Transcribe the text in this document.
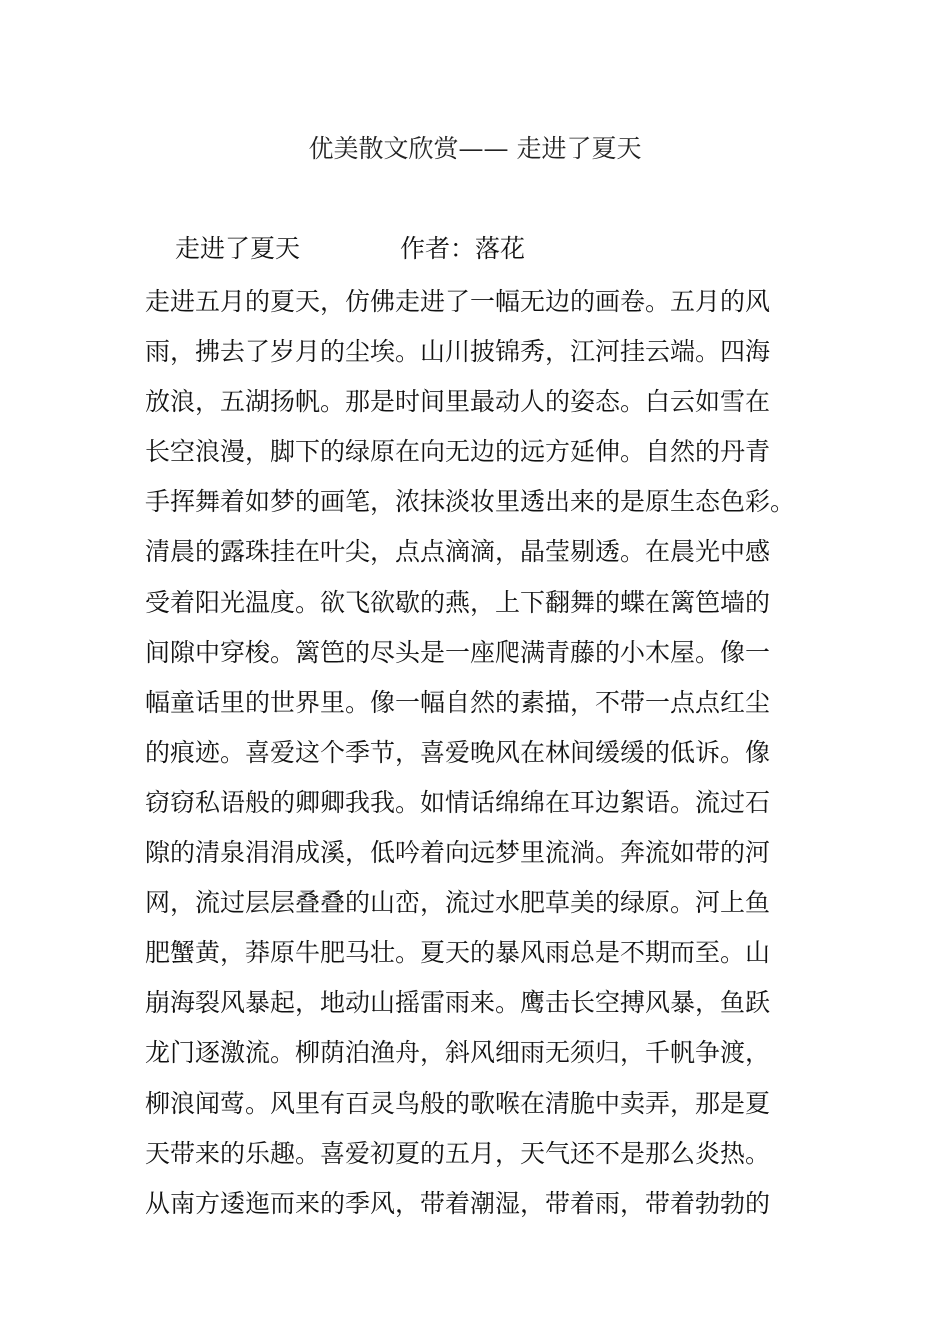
优美散文欣赏—— 走进了夏天
走进了夏天	作者：落花
走进五月的夏天，仿佛走进了一幅无边的画卷。五月的风
雨，拂去了岁月的尘埃。山川披锦秀，江河挂云端。四海
放浪，五湖扬帆。那是时间里最动人的姿态。白云如雪在
长空浪漫，脚下的绿原在向无边的远方延伸。自然的丹青
手挥舞着如梦的画笔，浓抹淡妆里透出来的是原生态色彩。
清晨的露珠挂在叶尖，点点滴滴，晶莹剔透。在晨光中感
受着阳光温度。欲飞欲歇的燕，上下翻舞的蝶在篱笆墙的
间隙中穿梭。篱笆的尽头是一座爬满青藤的小木屋。像一
幅童话里的世界里。像一幅自然的素描，不带一点点红尘
的痕迹。喜爱这个季节，喜爱晚风在林间缓缓的低诉。像
窃窃私语般的卿卿我我。如情话绵绵在耳边絮语。流过石
隙的清泉涓涓成溪，低吟着向远梦里流淌。奔流如带的河
网，流过层层叠叠的山峦，流过水肥草美的绿原。河上鱼
肥蟹黄，莽原牛肥马壮。夏天的暴风雨总是不期而至。山
崩海裂风暴起，地动山摇雷雨来。鹰击长空搏风暴，鱼跃
龙门逐激流。柳荫泊渔舟，斜风细雨无须归，千帆争渡，
柳浪闻莺。风里有百灵鸟般的歌喉在清脆中卖弄，那是夏
天带来的乐趣。喜爱初夏的五月，天气还不是那么炎热。
从南方逶迤而来的季风，带着潮湿，带着雨，带着勃勃的
